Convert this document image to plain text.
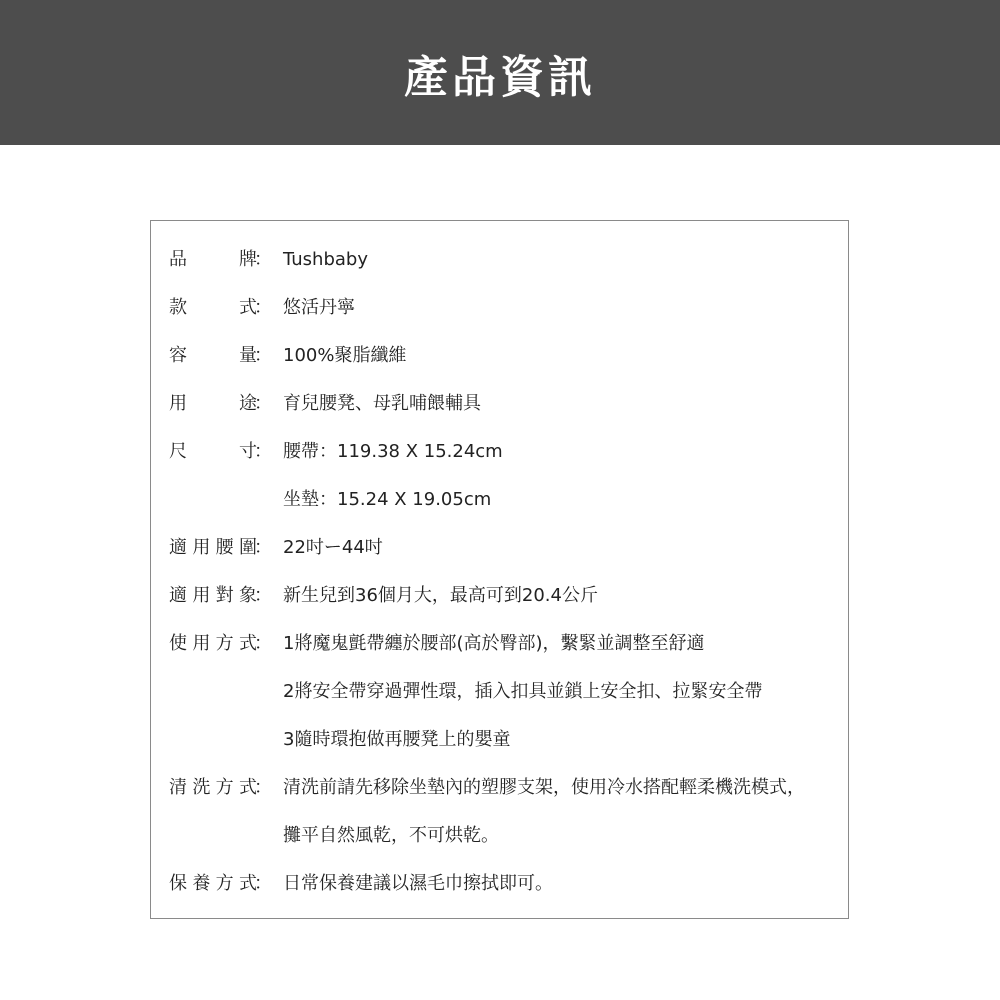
產品資訊
品	牌
： Tushbaby
款	式
： 悠活丹寧
容	量
： 100%聚脂纖維
用	途
： 育兒腰凳、母乳哺餵輔具
尺	寸
： 腰帶：119.38 X 15.24cm
坐墊：15.24 X 19.05cm
適 用 腰 圍
： 22吋ー44吋
適 用 對 象
： 新生兒到36個月大，最高可到20.4公斤
使 用 方 式
： 1將魔鬼氈帶纏於腰部(高於臀部)，繫緊並調整至舒適
2將安全帶穿過彈性環，插入扣具並鎖上安全扣、拉緊安全帶
3隨時環抱做再腰凳上的嬰童
清 洗 方 式
： 清洗前請先移除坐墊內的塑膠支架，使用冷水搭配輕柔機洗模式，
攤平自然風乾，不可烘乾。
保 養 方 式
： 日常保養建議以濕毛巾擦拭即可。
